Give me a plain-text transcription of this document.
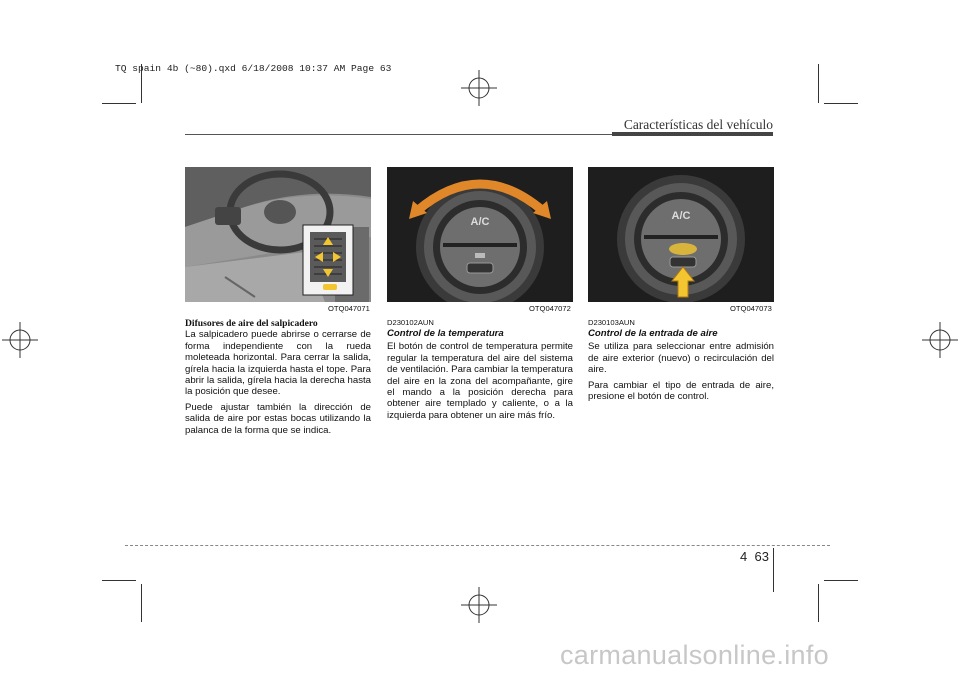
TQ spain 4b (~80).qxd 6/18/2008 10:37 AM Page 63
Características del vehículo
OTQ047071
A/C
OTQ047072
A/C
OTQ047073
Difusores de aire del salpicadero

La salpicadero puede abrirse o cerrarse de forma independiente con la rueda moleteada horizontal. Para cerrar la salida, gírela hacia la izquierda hasta el tope. Para abrir la salida, gírela hacia la derecha hasta la posición que desee.

Puede ajustar también la dirección de salida de aire por estas bocas utilizando la palanca de la forma que se indica.

D230102AUN
Control de la temperatura

El botón de control de temperatura permite regular la temperatura del aire del sistema de ventilación. Para cambiar la temperatura del aire en la zona del acompañante, gire el mando a la posición derecha para obtener aire templado y caliente, o a la izquierda para obtener un aire más frío.

D230103AUN
Control de la entrada de aire

Se utiliza para seleccionar entre admisión de aire exterior (nuevo) o recirculación del aire.

Para cambiar el tipo de entrada de aire, presione el botón de control.

4 63
carmanualsonline.info
